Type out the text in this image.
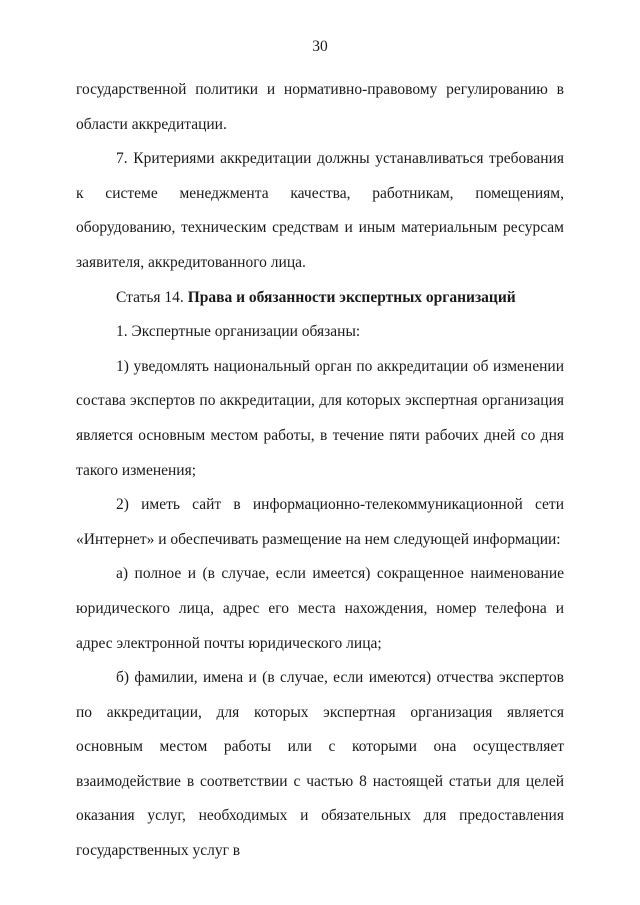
30

государственной политики и нормативно-правовому регулированию в области аккредитации.

7. Критериями аккредитации должны устанавливаться требования к системе менеджмента качества, работникам, помещениям, оборудованию, техническим средствам и иным материальным ресурсам заявителя, аккредитованного лица.

Статья 14. Права и обязанности экспертных организаций

1. Экспертные организации обязаны:

1) уведомлять национальный орган по аккредитации об изменении состава экспертов по аккредитации, для которых экспертная организация является основным местом работы, в течение пяти рабочих дней со дня такого изменения;

2) иметь сайт в информационно-телекоммуникационной сети

«Интернет» и обеспечивать размещение на нем следующей информации:

а) полное и (в случае, если имеется) сокращенное наименование юридического лица, адрес его места нахождения, номер телефона и адрес электронной почты юридического лица;

б) фамилии, имена и (в случае, если имеются) отчества экспертов по аккредитации, для которых экспертная организация является основным местом работы или с которыми она осуществляет взаимодействие в соответствии с частью 8 настоящей статьи для целей оказания услуг, необходимых и обязательных для предоставления государственных услуг в
